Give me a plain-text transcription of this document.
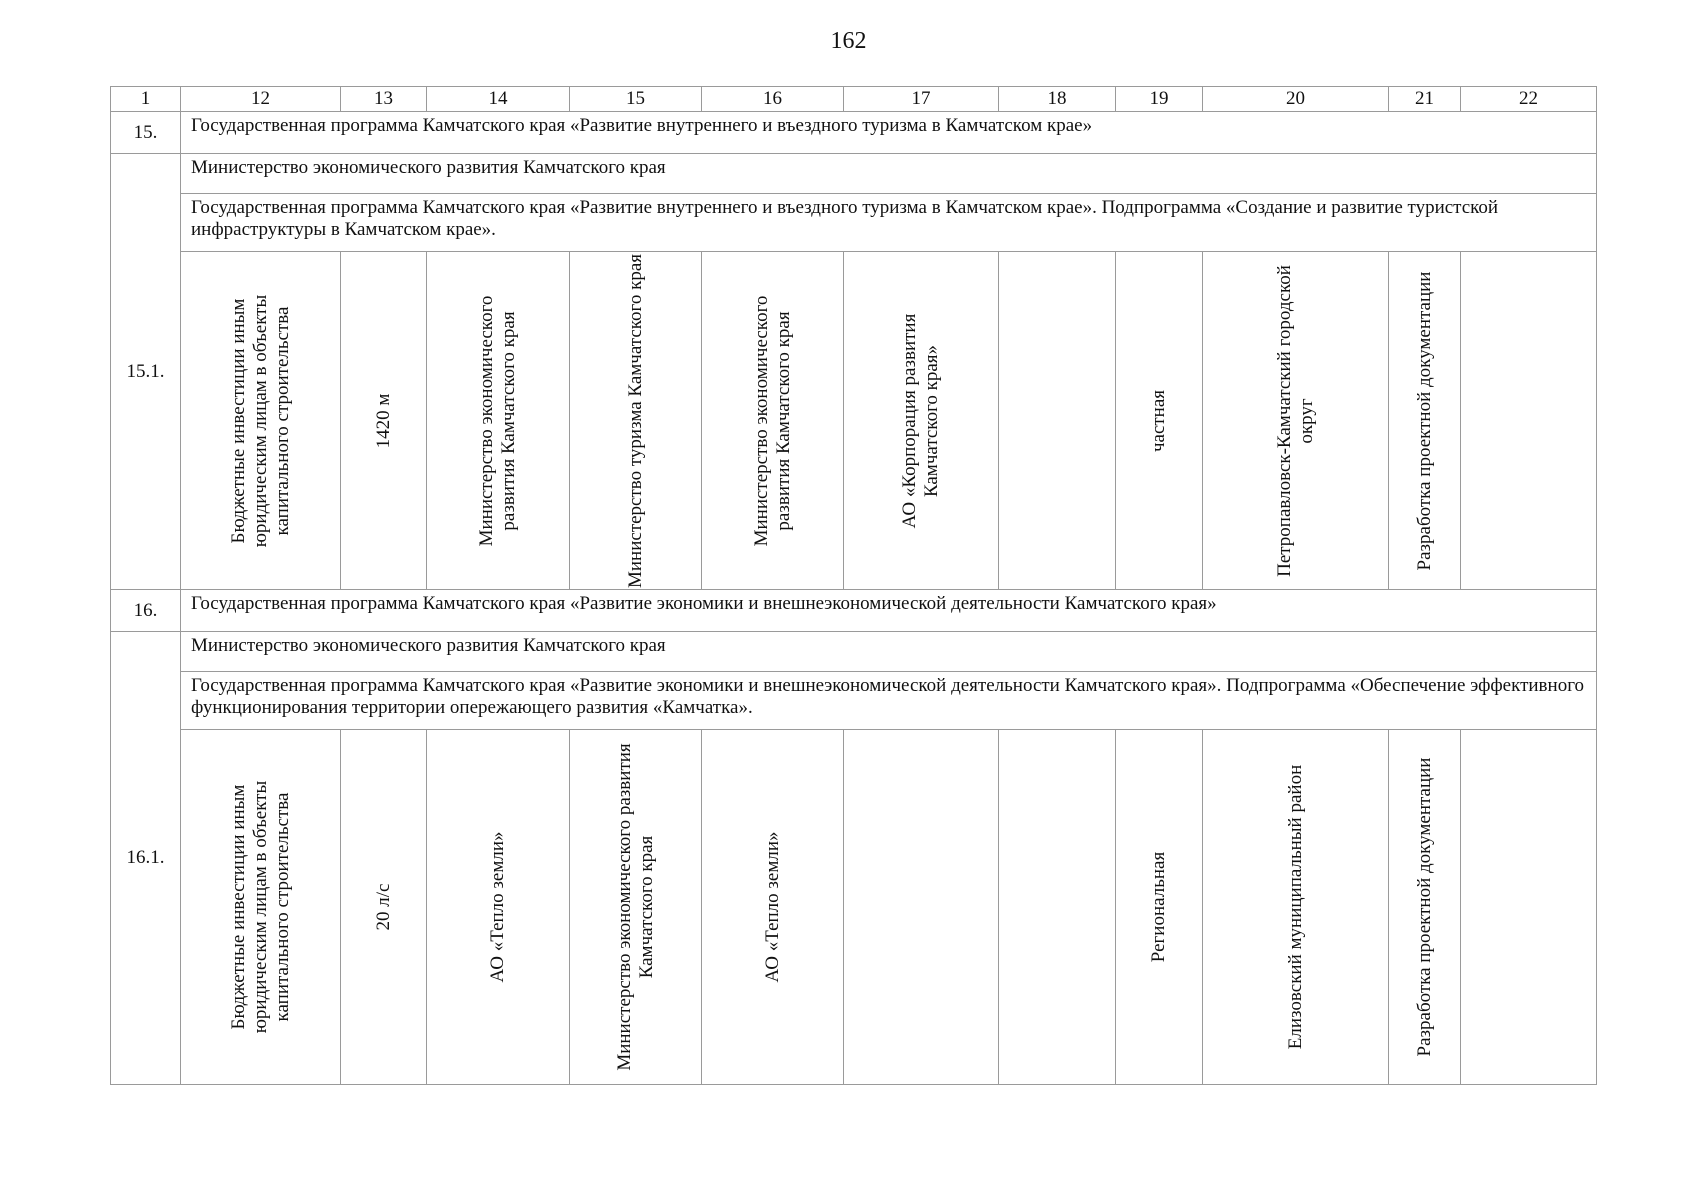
162
1	12	13	14	15	16	17	18	19	20	21	22
15.	Государственная программа Камчатского края «Развитие внутреннего и въездного туризма в Камчатском крае»										
15.1.	Министерство экономического развития Камчатского края										
	Государственная программа Камчатского края «Развитие внутреннего и въездного туризма в Камчатском крае». Подпрограмма «Создание и развитие туристской инфраструктуры в Камчатском крае».										

	Бюджетные инвестиции иным юридическим лицам в объекты капитального строительства	1420 м	Министерство экономического развития Камчатского края	Министерство туризма Камчатского края	Министерство экономического развития Камчатского края	АО «Корпорация развития Камчатского края»		частная	Петропавловск-Камчатский городской округ	Разработка проектной документации	

16.	Государственная программа Камчатского края «Развитие экономики и внешнеэкономической деятельности Камчатского края»										
16.1.	Министерство экономического развития Камчатского края										
	Государственная программа Камчатского края «Развитие экономики и внешнеэкономической деятельности Камчатского края». Подпрограмма «Обеспечение эффективного функционирования территории опережающего развития «Камчатка».										

	Бюджетные инвестиции иным юридическим лицам в объекты капитального строительства	20 л/с	АО «Тепло земли»	Министерство экономического развития Камчатского края	АО «Тепло земли»			Региональная	Елизовский муниципальный район	Разработка проектной документации	
